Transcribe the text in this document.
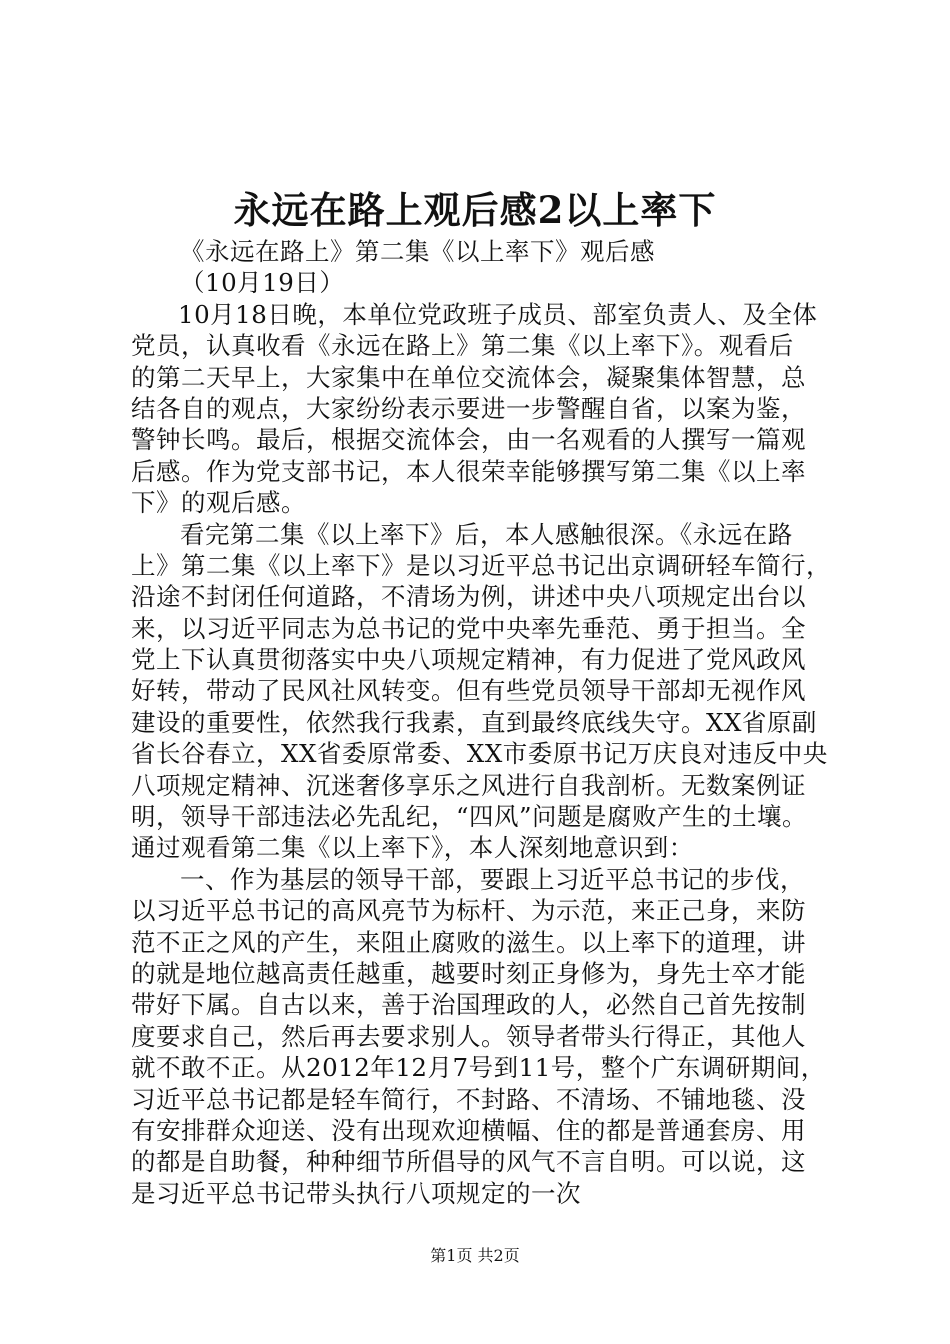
永远在路上观后感2以上率下
《永远在路上》第二集《以上率下》观后感
（10月19日）
10月18日晚，本单位党政班子成员、部室负责人、及全体
党员，认真收看《永远在路上》第二集《以上率下》。观看后
的第二天早上，大家集中在单位交流体会，凝聚集体智慧，总
结各自的观点，大家纷纷表示要进一步警醒自省，以案为鉴，
警钟长鸣。最后，根据交流体会，由一名观看的人撰写一篇观
后感。作为党支部书记，本人很荣幸能够撰写第二集《以上率
下》的观后感。
看完第二集《以上率下》后，本人感触很深。《永远在路
上》第二集《以上率下》是以习近平总书记出京调研轻车简行，
沿途不封闭任何道路，不清场为例，讲述中央八项规定出台以
来，以习近平同志为总书记的党中央率先垂范、勇于担当。全
党上下认真贯彻落实中央八项规定精神，有力促进了党风政风
好转，带动了民风社风转变。但有些党员领导干部却无视作风
建设的重要性，依然我行我素，直到最终底线失守。XX省原副
省长谷春立，XX省委原常委、XX市委原书记万庆良对违反中央
八项规定精神、沉迷奢侈享乐之风进行自我剖析。无数案例证
明，领导干部违法必先乱纪，“四风”问题是腐败产生的土壤。
通过观看第二集《以上率下》，本人深刻地意识到：
一、作为基层的领导干部，要跟上习近平总书记的步伐，
以习近平总书记的高风亮节为标杆、为示范，来正己身，来防
范不正之风的产生，来阻止腐败的滋生。以上率下的道理，讲
的就是地位越高责任越重，越要时刻正身修为，身先士卒才能
带好下属。自古以来，善于治国理政的人，必然自己首先按制
度要求自己，然后再去要求别人。领导者带头行得正，其他人
就不敢不正。从2012年12月7号到11号，整个广东调研期间，
习近平总书记都是轻车简行，不封路、不清场、不铺地毯、没
有安排群众迎送、没有出现欢迎横幅、住的都是普通套房、用
的都是自助餐，种种细节所倡导的风气不言自明。可以说，这
是习近平总书记带头执行八项规定的一次
第1页 共2页
